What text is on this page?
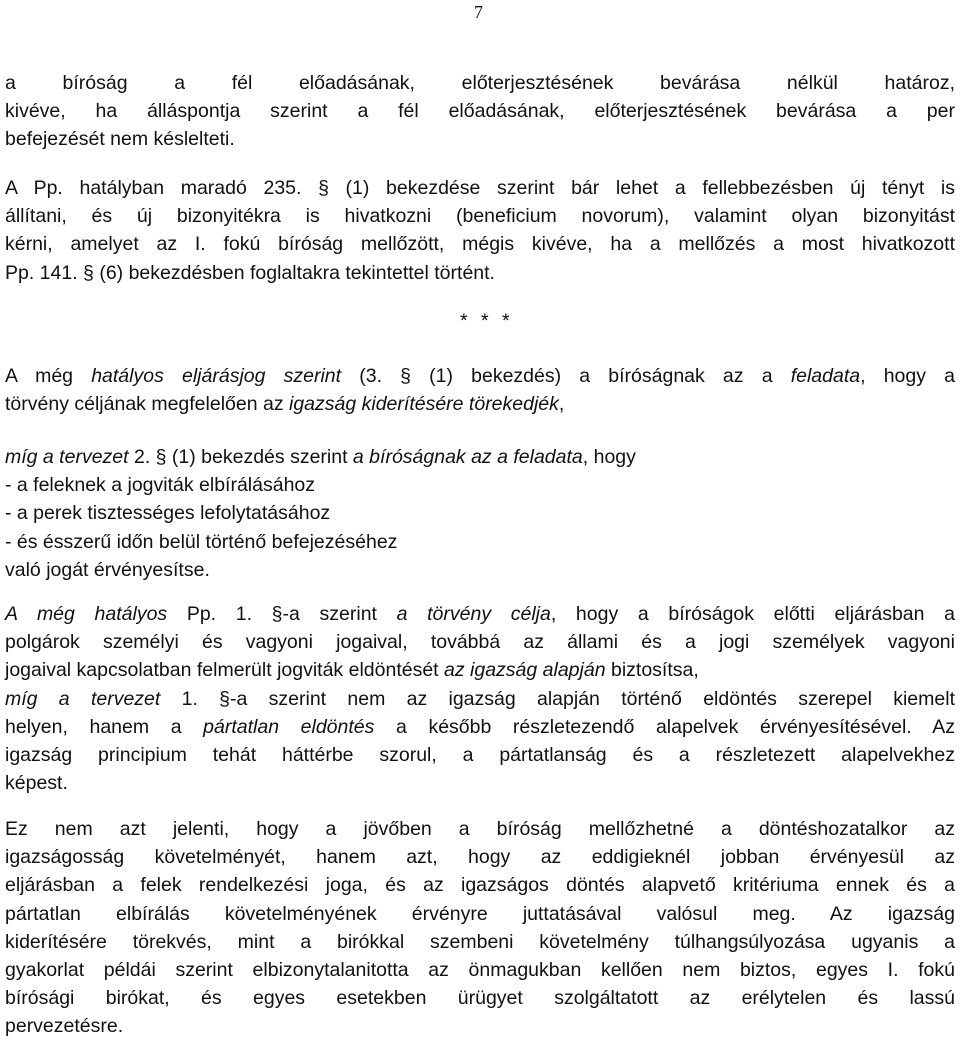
7
a bíróság a fél előadásának, előterjesztésének bevárása nélkül határoz,
kivéve, ha álláspontja szerint a fél előadásának, előterjesztésének bevárása a per
befejezését nem késlelteti.
A Pp. hatályban maradó 235. § (1) bekezdése szerint bár lehet a fellebbezésben új tényt is
állítani, és új bizonyitékra is hivatkozni (beneficium novorum), valamint olyan bizonyitást
kérni, amelyet az I. fokú bíróság mellőzött, mégis kivéve, ha a mellőzés a most hivatkozott
Pp. 141. § (6) bekezdésben foglaltakra tekintettel történt.
* * *
A még hatályos eljárásjog szerint (3. § (1) bekezdés) a bíróságnak az a feladata, hogy a
törvény céljának megfelelően az igazság kiderítésére törekedjék,
míg a tervezet 2. § (1) bekezdés szerint a bíróságnak az a feladata, hogy
- a feleknek a jogviták elbírálásához
- a perek tisztességes lefolytatásához
- és ésszerű időn belül történő befejezéséhez
való jogát érvényesítse.
A még hatályos Pp. 1. §-a szerint a törvény célja, hogy a bíróságok előtti eljárásban a
polgárok személyi és vagyoni jogaival, továbbá az állami és a jogi személyek vagyoni
jogaival kapcsolatban felmerült jogviták eldöntését az igazság alapján biztosítsa,
míg a tervezet 1. §-a szerint nem az igazság alapján történő eldöntés szerepel kiemelt
helyen, hanem a pártatlan eldöntés a később részletezendő alapelvek érvényesítésével. Az
igazság principium tehát háttérbe szorul, a pártatlanság és a részletezett alapelvekhez
képest.
Ez nem azt jelenti, hogy a jövőben a bíróság mellőzhetné a döntéshozatalkor az
igazságosság követelményét, hanem azt, hogy az eddigieknél jobban érvényesül az
eljárásban a felek rendelkezési joga, és az igazságos döntés alapvető kritériuma ennek és a
pártatlan elbírálás követelményének érvényre juttatásával valósul meg. Az igazság
kiderítésére törekvés, mint a birókkal szembeni követelmény túlhangsúlyozása ugyanis a
gyakorlat példái szerint elbizonytalanitotta az önmagukban kellően nem biztos, egyes I. fokú
bírósági birókat, és egyes esetekben ürügyet szolgáltatott az erélytelen és lassú
pervezetésre.
